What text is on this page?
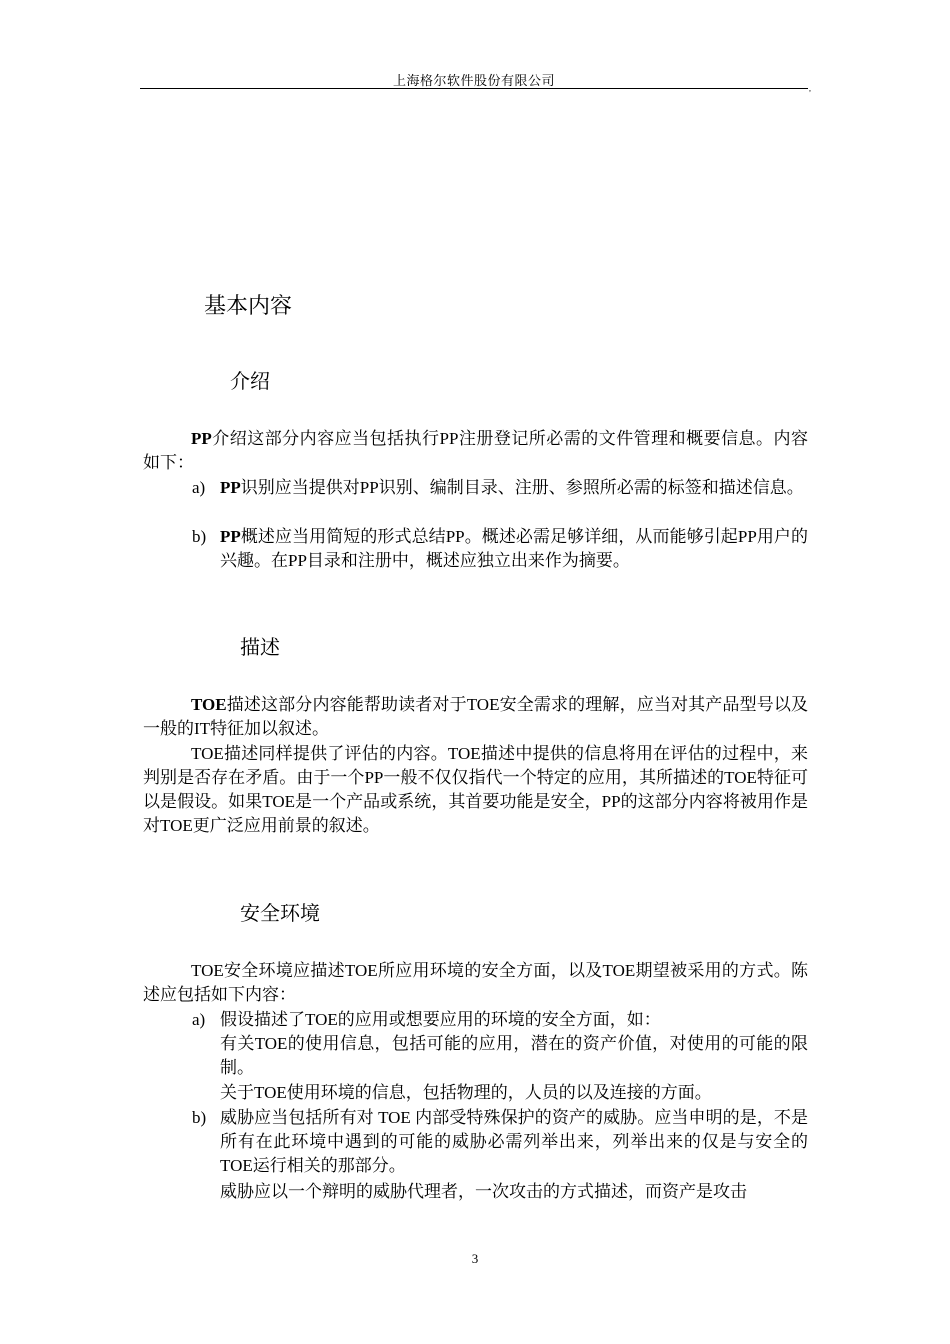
上海格尔软件股份有限公司
,
基本内容
介绍
PP介绍这部分内容应当包括执行PP注册登记所必需的文件管理和概要信息。内容如下：
a) PP识别应当提供对PP识别、编制目录、注册、参照所必需的标签和描述信息。
b) PP概述应当用简短的形式总结PP。概述必需足够详细，从而能够引起PP用户的兴趣。在PP目录和注册中，概述应独立出来作为摘要。
描述
TOE描述这部分内容能帮助读者对于TOE安全需求的理解，应当对其产品型号以及一般的IT特征加以叙述。
TOE描述同样提供了评估的内容。TOE描述中提供的信息将用在评估的过程中，来判别是否存在矛盾。由于一个PP一般不仅仅指代一个特定的应用，其所描述的TOE特征可以是假设。如果TOE是一个产品或系统，其首要功能是安全，PP的这部分内容将被用作是对TOE更广泛应用前景的叙述。
安全环境
TOE安全环境应描述TOE所应用环境的安全方面，以及TOE期望被采用的方式。陈述应包括如下内容：
a) 假设描述了TOE的应用或想要应用的环境的安全方面，如：
有关TOE的使用信息，包括可能的应用，潜在的资产价值，对使用的可能的限制。
关于TOE使用环境的信息，包括物理的，人员的以及连接的方面。
b) 威胁应当包括所有对 TOE 内部受特殊保护的资产的威胁。应当申明的是，不是所有在此环境中遇到的可能的威胁必需列举出来，列举出来的仅是与安全的TOE运行相关的那部分。
威胁应以一个辩明的威胁代理者，一次攻击的方式描述，而资产是攻击
3
